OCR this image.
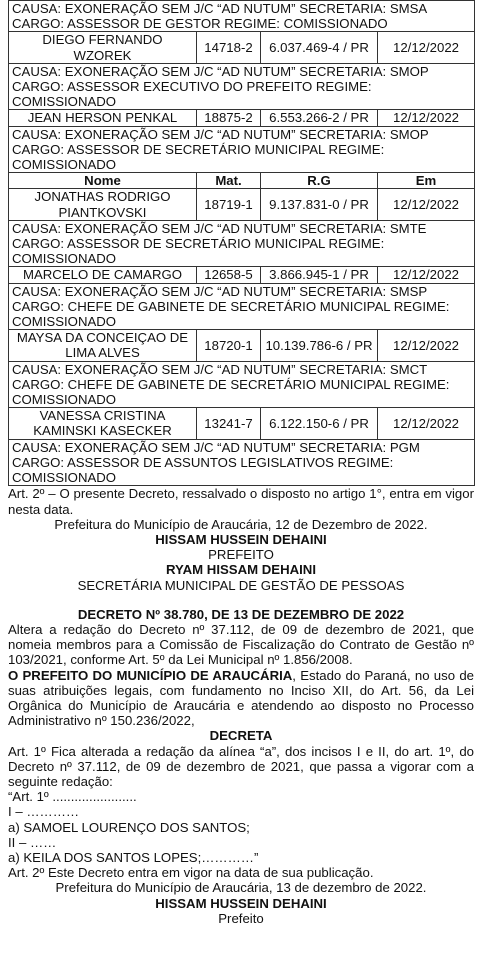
CAUSA: EXONERAÇÃO SEM J/C “AD NUTUM” SECRETARIA: SMSA CARGO: ASSESSOR DE GESTOR REGIME: COMISSIONADO			
DIEGO FERNANDO WZOREK	14718-2	6.037.469-4 / PR	12/12/2022
CAUSA: EXONERAÇÃO SEM J/C “AD NUTUM” SECRETARIA: SMOP CARGO: ASSESSOR EXECUTIVO DO PREFEITO REGIME: COMISSIONADO			
JEAN HERSON PENKAL	18875-2	6.553.266-2 / PR	12/12/2022
CAUSA: EXONERAÇÃO SEM J/C “AD NUTUM” SECRETARIA: SMOP CARGO: ASSESSOR DE SECRETÁRIO MUNICIPAL REGIME: COMISSIONADO			
Nome	Mat.	R.G	Em
JONATHAS RODRIGO PIANTKOVSKI	18719-1	9.137.831-0 / PR	12/12/2022
CAUSA: EXONERAÇÃO SEM J/C “AD NUTUM” SECRETARIA: SMTE CARGO: ASSESSOR DE SECRETÁRIO MUNICIPAL REGIME: COMISSIONADO			
MARCELO DE CAMARGO	12658-5	3.866.945-1 / PR	12/12/2022
CAUSA: EXONERAÇÃO SEM J/C “AD NUTUM” SECRETARIA: SMSP CARGO: CHEFE DE GABINETE DE SECRETÁRIO MUNICIPAL REGIME: COMISSIONADO			
MAYSA DA CONCEIÇAO DE LIMA ALVES	18720-1	10.139.786-6 / PR	12/12/2022
CAUSA: EXONERAÇÃO SEM J/C “AD NUTUM” SECRETARIA: SMCT CARGO: CHEFE DE GABINETE DE SECRETÁRIO MUNICIPAL REGIME: COMISSIONADO			
VANESSA CRISTINA KAMINSKI KASECKER	13241-7	6.122.150-6 / PR	12/12/2022
CAUSA: EXONERAÇÃO SEM J/C “AD NUTUM” SECRETARIA: PGM CARGO: ASSESSOR DE ASSUNTOS LEGISLATIVOS REGIME: COMISSIONADO			

Art. 2º – O presente Decreto, ressalvado o disposto no artigo 1°, entra em vigor nesta data.

Prefeitura do Município de Araucária, 12 de Dezembro de 2022.

HISSAM HUSSEIN DEHAINI

PREFEITO

RYAM HISSAM DEHAINI

SECRETÁRIA MUNICIPAL DE GESTÃO DE PESSOAS

DECRETO Nº 38.780, DE 13 DE DEZEMBRO DE 2022

Altera a redação do Decreto nº 37.112, de 09 de dezembro de 2021, que nomeia membros para a Comissão de Fiscalização do Contrato de Gestão nº 103/2021, conforme Art. 5º da Lei Municipal nº 1.856/2008.

O PREFEITO DO MUNICÍPIO DE ARAUCÁRIA, Estado do Paraná, no uso de suas atribuições legais, com fundamento no Inciso XII, do Art. 56, da Lei Orgânica do Município de Araucária e atendendo ao disposto no Processo Administrativo nº 150.236/2022,

DECRETA

Art. 1º Fica alterada a redação da alínea “a”, dos incisos I e II, do art. 1º, do Decreto nº 37.112, de 09 de dezembro de 2021, que passa a vigorar com a seguinte redação:

“Art. 1º .......................

I – …………

a) SAMOEL LOURENÇO DOS SANTOS;

II – ……

a) KEILA DOS SANTOS LOPES;…………”

Art. 2º Este Decreto entra em vigor na data de sua publicação.

Prefeitura do Município de Araucária, 13 de dezembro de 2022.

HISSAM HUSSEIN DEHAINI

Prefeito
